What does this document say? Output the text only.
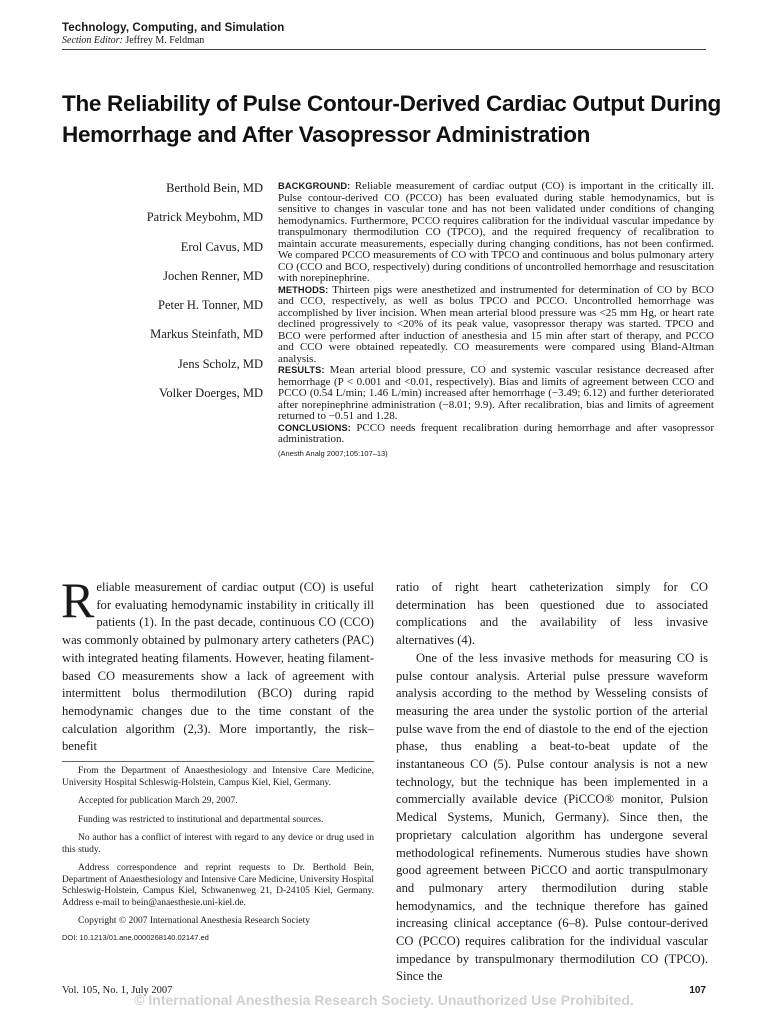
Technology, Computing, and Simulation
Section Editor: Jeffrey M. Feldman
The Reliability of Pulse Contour-Derived Cardiac Output During Hemorrhage and After Vasopressor Administration
Berthold Bein, MD
Patrick Meybohm, MD
Erol Cavus, MD
Jochen Renner, MD
Peter H. Tonner, MD
Markus Steinfath, MD
Jens Scholz, MD
Volker Doerges, MD

BACKGROUND: Reliable measurement of cardiac output (CO) is important in the critically ill. Pulse contour-derived CO (PCCO) has been evaluated during stable hemodynamics, but is sensitive to changes in vascular tone and has not been validated under conditions of changing hemodynamics. Furthermore, PCCO requires calibration for the individual vascular impedance by transpulmonary thermodilution CO (TPCO), and the required frequency of recalibration to maintain accurate measurements, especially during changing conditions, has not been confirmed. We compared PCCO measurements of CO with TPCO and continuous and bolus pulmonary artery CO (CCO and BCO, respectively) during conditions of uncontrolled hemorrhage and resuscitation with norepinephrine.

METHODS: Thirteen pigs were anesthetized and instrumented for determination of CO by BCO and CCO, respectively, as well as bolus TPCO and PCCO. Uncontrolled hemorrhage was accomplished by liver incision. When mean arterial blood pressure was <25 mm Hg, or heart rate declined progressively to <20% of its peak value, vasopressor therapy was started. TPCO and BCO were performed after induction of anesthesia and 15 min after start of therapy, and PCCO and CCO were obtained repeatedly. CO measurements were compared using Bland-Altman analysis.

RESULTS: Mean arterial blood pressure, CO and systemic vascular resistance decreased after hemorrhage (P < 0.001 and <0.01, respectively). Bias and limits of agreement between CCO and PCCO (0.54 L/min; 1.46 L/min) increased after hemorrhage (−3.49; 6.12) and further deteriorated after norepinephrine administration (−8.01; 9.9). After recalibration, bias and limits of agreement returned to −0.51 and 1.28.

CONCLUSIONS: PCCO needs frequent recalibration during hemorrhage and after vasopressor administration.

(Anesth Analg 2007;105:107–13)

Reliable measurement of cardiac output (CO) is useful for evaluating hemodynamic instability in critically ill patients (1). In the past decade, continuous CO (CCO) was commonly obtained by pulmonary artery catheters (PAC) with integrated heating filaments. However, heating filament-based CO measurements show a lack of agreement with intermittent bolus thermodilution (BCO) during rapid hemodynamic changes due to the time constant of the calculation algorithm (2,3). More importantly, the risk–benefit

ratio of right heart catheterization simply for CO determination has been questioned due to associated complications and the availability of less invasive alternatives (4).

One of the less invasive methods for measuring CO is pulse contour analysis. Arterial pulse pressure waveform analysis according to the method by Wesseling consists of measuring the area under the systolic portion of the arterial pulse wave from the end of diastole to the end of the ejection phase, thus enabling a beat-to-beat update of the instantaneous CO (5). Pulse contour analysis is not a new technology, but the technique has been implemented in a commercially available device (PiCCO® monitor, Pulsion Medical Systems, Munich, Germany). Since then, the proprietary calculation algorithm has undergone several methodological refinements. Numerous studies have shown good agreement between PiCCO and aortic transpulmonary and pulmonary artery thermodilution during stable hemodynamics, and the technique therefore has gained increasing clinical acceptance (6–8). Pulse contour-derived CO (PCCO) requires calibration for the individual vascular impedance by transpulmonary thermodilution CO (TPCO). Since the

From the Department of Anaesthesiology and Intensive Care Medicine, University Hospital Schleswig-Holstein, Campus Kiel, Kiel, Germany.

Accepted for publication March 29, 2007.

Funding was restricted to institutional and departmental sources.

No author has a conflict of interest with regard to any device or drug used in this study.

Address correspondence and reprint requests to Dr. Berthold Bein, Department of Anaesthesiology and Intensive Care Medicine, University Hospital Schleswig-Holstein, Campus Kiel, Schwanenweg 21, D-24105 Kiel, Germany. Address e-mail to bein@anaesthesie.uni-kiel.de.

Copyright © 2007 International Anesthesia Research Society

DOI: 10.1213/01.ane.0000268140.02147.ed

Vol. 105, No. 1, July 2007	107
© International Anesthesia Research Society. Unauthorized Use Prohibited.
